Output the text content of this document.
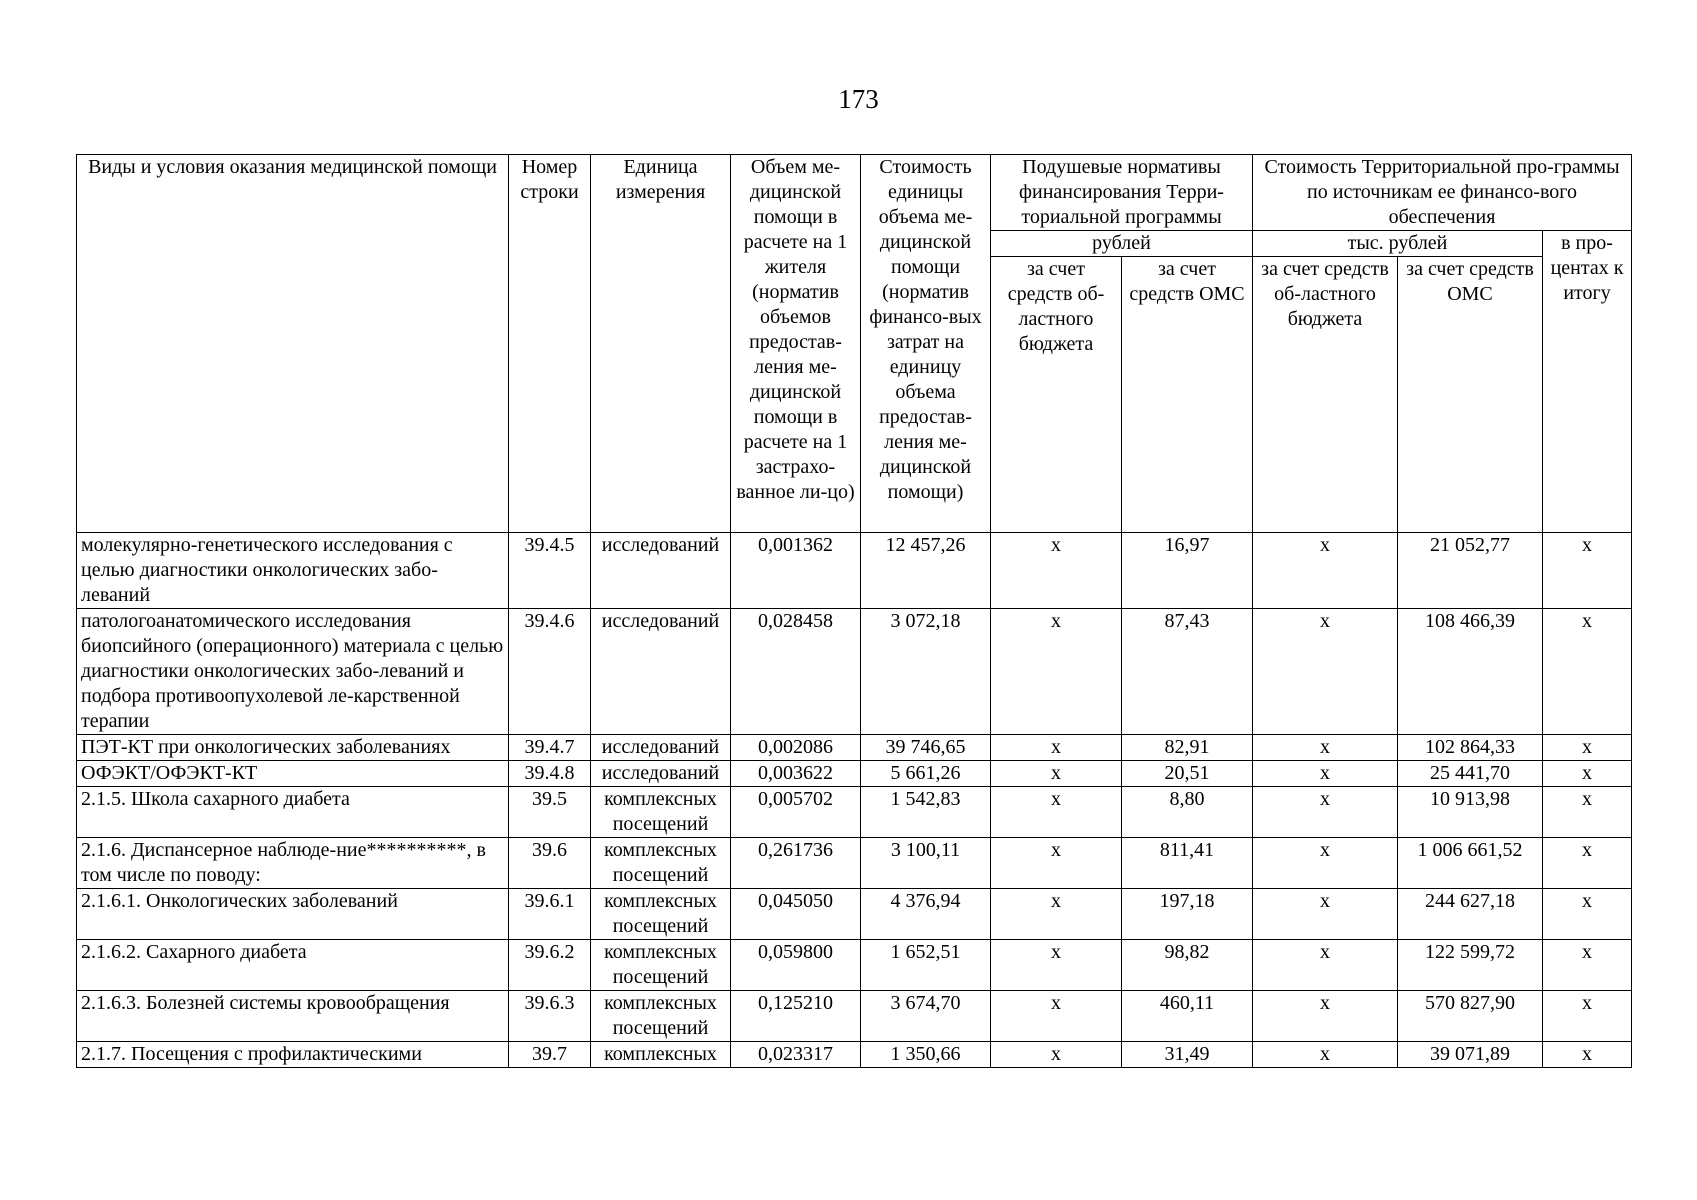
173
Виды и условия оказания медицинской помощи	Номер строки	Единица измерения	Объем ме-дицинской помощи в расчете на 1 жителя (норматив объемов предостав-ления ме-дицинской помощи в расчете на 1 застрахо-ванное ли-цо)	Стоимость единицы объема ме-дицинской помощи (норматив финансо-вых затрат на единицу объема предостав-ления ме-дицинской помощи)	Подушевые нормативы финансирования Терри-ториальной программы		Стоимость Территориальной про-граммы по источникам ее финансо-вого обеспечения		
					рублей		тыс. рублей		в про-центах к итогу
					за счет средств об-ластного бюджета	за счет средств ОМС	за счет средств об-ластного бюджета	за счет средств ОМС	
молекулярно-генетического исследования с целью диагностики онкологических забо-леваний	39.4.5	исследований	0,001362	12 457,26	х	16,97	х	21 052,77	х
патологоанатомического исследования биопсийного (операционного) материала с целью диагностики онкологических забо-леваний и подбора противоопухолевой ле-карственной терапии	39.4.6	исследований	0,028458	3 072,18	х	87,43	х	108 466,39	х
ПЭТ-КТ при онкологических заболеваниях	39.4.7	исследований	0,002086	39 746,65	х	82,91	х	102 864,33	х
ОФЭКТ/ОФЭКТ-КТ	39.4.8	исследований	0,003622	5 661,26	х	20,51	х	25 441,70	х
2.1.5. Школа сахарного диабета	39.5	комплексных посещений	0,005702	1 542,83	х	8,80	х	10 913,98	х
2.1.6. Диспансерное наблюде-ние**********, в том числе по поводу:	39.6	комплексных посещений	0,261736	3 100,11	х	811,41	х	1 006 661,52	х
2.1.6.1. Онкологических заболеваний	39.6.1	комплексных посещений	0,045050	4 376,94	х	197,18	х	244 627,18	х
2.1.6.2. Сахарного диабета	39.6.2	комплексных посещений	0,059800	1 652,51	х	98,82	х	122 599,72	х
2.1.6.3. Болезней системы кровообращения	39.6.3	комплексных посещений	0,125210	3 674,70	х	460,11	х	570 827,90	х
2.1.7. Посещения с профилактическими	39.7	комплексных	0,023317	1 350,66	х	31,49	х	39 071,89	х
